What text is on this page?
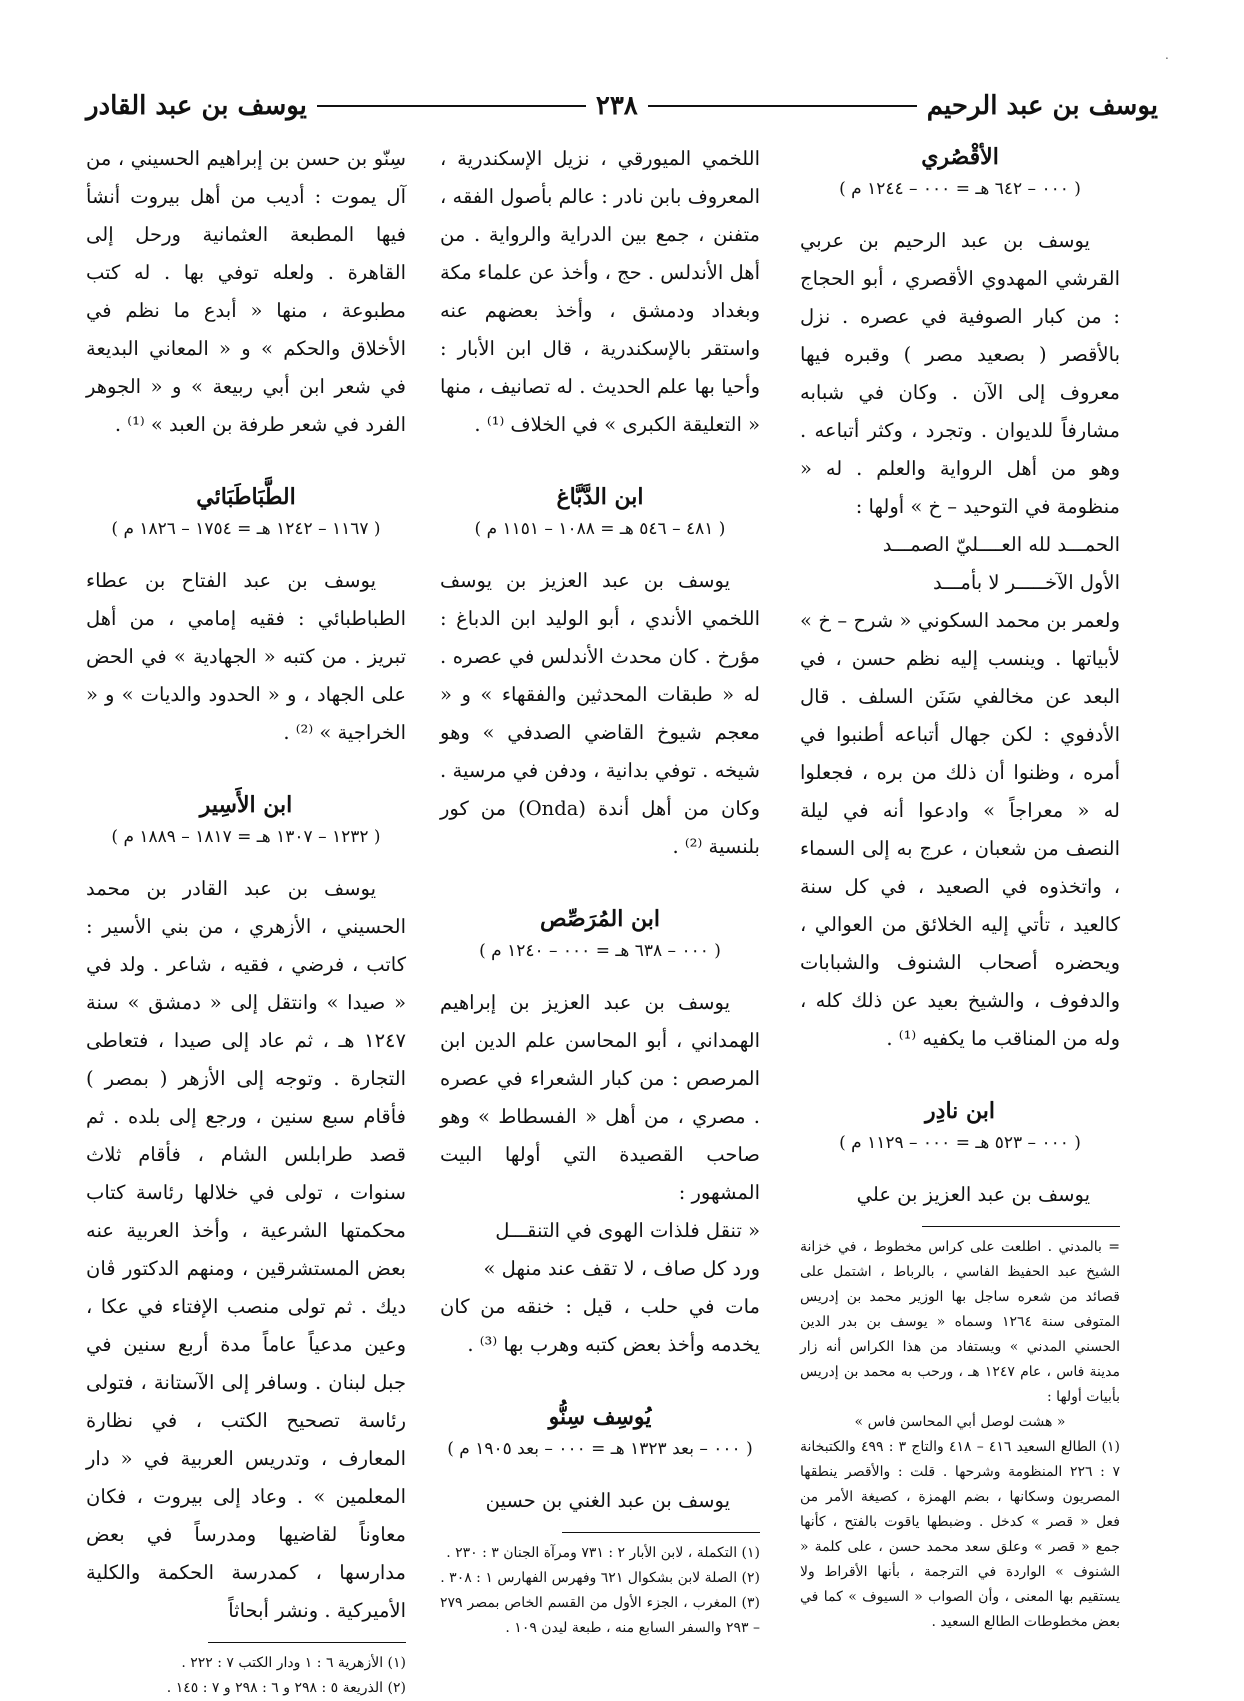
.
يوسف بن عبد الرحيم
٢٣٨
يوسف بن عبد القادر

الأقْصُري

( ٠٠٠ – ٦٤٢ هـ = ٠٠٠ – ١٢٤٤ م )

يوسف بن عبد الرحيم بن عربي القرشي المهدوي الأقصري ، أبو الحجاج : من كبار الصوفية في عصره . نزل بالأقصر ( بصعيد مصر ) وقبره فيها معروف إلى الآن . وكان في شبابه مشارفاً للديوان . وتجرد ، وكثر أتباعه . وهو من أهل الرواية والعلم . له « منظومة في التوحيد – خ » أولها :

الحمـــد لله العــــليّ الصمـــد

الأول الآخـــــر لا بأمـــد

ولعمر بن محمد السكوني « شرح – خ » لأبياتها . وينسب إليه نظم حسن ، في البعد عن مخالفي سَنَن السلف . قال الأدفوي : لكن جهال أتباعه أطنبوا في أمره ، وظنوا أن ذلك من بره ، فجعلوا له « معراجاً » وادعوا أنه في ليلة النصف من شعبان ، عرج به إلى السماء ، واتخذوه في الصعيد ، في كل سنة كالعيد ، تأتي إليه الخلائق من العوالي ، ويحضره أصحاب الشنوف والشبابات والدفوف ، والشيخ بعيد عن ذلك كله ، وله من المناقب ما يكفيه ⁽¹⁾ .

ابن نادِر

( ٠٠٠ – ٥٢٣ هـ = ٠٠٠ – ١١٢٩ م )

يوسف بن عبد العزيز بن علي

= بالمدني . اطلعت على كراس مخطوط ، في خزانة الشيخ عبد الحفيظ الفاسي ، بالرباط ، اشتمل على قصائد من شعره ساجل بها الوزير محمد بن إدريس المتوفى سنة ١٢٦٤ وسماه « يوسف بن بدر الدين الحسني المدني » ويستفاد من هذا الكراس أنه زار مدينة فاس ، عام ١٢٤٧ هـ ، ورحب به محمد بن إدريس بأبيات أولها :

« هشت لوصل أبي المحاسن فاس »

(١) الطالع السعيد ٤١٦ – ٤١٨ والتاج ٣ : ٤٩٩ والكتبخانة ٧ : ٢٢٦ المنظومة وشرحها . قلت : والأقصر ينطقها المصريون وسكانها ، بضم الهمزة ، كصيغة الأمر من فعل « قصر » كدخل . وضبطها ياقوت بالفتح ، كأنها جمع « قصر » وعلق سعد محمد حسن ، على كلمة « الشنوف » الواردة في الترجمة ، بأنها الأقراط ولا يستقيم بها المعنى ، وأن الصواب « السيوف » كما في بعض مخطوطات الطالع السعيد .

اللخمي الميورقي ، نزيل الإسكندرية ، المعروف بابن نادر : عالم بأصول الفقه ، متفنن ، جمع بين الدراية والرواية . من أهل الأندلس . حج ، وأخذ عن علماء مكة وبغداد ودمشق ، وأخذ بعضهم عنه واستقر بالإسكندرية ، قال ابن الأبار : وأحيا بها علم الحديث . له تصانيف ، منها « التعليقة الكبرى » في الخلاف ⁽¹⁾ .

ابن الدَّبَّاغ

( ٤٨١ – ٥٤٦ هـ = ١٠٨٨ – ١١٥١ م )

يوسف بن عبد العزيز بن يوسف اللخمي الأندي ، أبو الوليد ابن الدباغ : مؤرخ . كان محدث الأندلس في عصره . له « طبقات المحدثين والفقهاء » و « معجم شيوخ القاضي الصدفي » وهو شيخه . توفي بدانية ، ودفن في مرسية . وكان من أهل أندة (Onda) من كور بلنسية ⁽²⁾ .

ابن المُرَصِّص

( ٠٠٠ – ٦٣٨ هـ = ٠٠٠ – ١٢٤٠ م )

يوسف بن عبد العزيز بن إبراهيم الهمداني ، أبو المحاسن علم الدين ابن المرصص : من كبار الشعراء في عصره . مصري ، من أهل « الفسطاط » وهو صاحب القصيدة التي أولها البيت المشهور :

« تنقل فلذات الهوى في التنقـــل

ورد كل صاف ، لا تقف عند منهل »

مات في حلب ، قيل : خنقه من كان يخدمه وأخذ بعض كتبه وهرب بها ⁽³⁾ .

يُوسِف سِنُّو

( ٠٠٠ – بعد ١٣٢٣ هـ = ٠٠٠ – بعد ١٩٠٥ م )

يوسف بن عبد الغني بن حسين

(١) التكملة ، لابن الأبار ٢ : ٧٣١ ومرآة الجنان ٣ : ٢٣٠ .

(٢) الصلة لابن بشكوال ٦٢١ وفهرس الفهارس ١ : ٣٠٨ .

(٣) المغرب ، الجزء الأول من القسم الخاص بمصر ٢٧٩ – ٢٩٣ والسفر السابع منه ، طبعة ليدن ١٠٩ .

سِنّو بن حسن بن إبراهيم الحسيني ، من آل يموت : أديب من أهل بيروت أنشأ فيها المطبعة العثمانية ورحل إلى القاهرة . ولعله توفي بها . له كتب مطبوعة ، منها « أبدع ما نظم في الأخلاق والحكم » و « المعاني البديعة في شعر ابن أبي ربيعة » و « الجوهر الفرد في شعر طرفة بن العبد » ⁽¹⁾ .

الطَّبَاطَبَائي

( ١١٦٧ – ١٢٤٢ هـ = ١٧٥٤ – ١٨٢٦ م )

يوسف بن عبد الفتاح بن عطاء الطباطبائي : فقيه إمامي ، من أهل تبريز . من كتبه « الجهادية » في الحض على الجهاد ، و « الحدود والديات » و « الخراجية » ⁽²⁾ .

ابن الأَسِير

( ١٢٣٢ – ١٣٠٧ هـ = ١٨١٧ – ١٨٨٩ م )

يوسف بن عبد القادر بن محمد الحسيني ، الأزهري ، من بني الأسير : كاتب ، فرضي ، فقيه ، شاعر . ولد في « صيدا » وانتقل إلى « دمشق » سنة ١٢٤٧ هـ ، ثم عاد إلى صيدا ، فتعاطى التجارة . وتوجه إلى الأزهر ( بمصر ) فأقام سبع سنين ، ورجع إلى بلده . ثم قصد طرابلس الشام ، فأقام ثلاث سنوات ، تولى في خلالها رئاسة كتاب محكمتها الشرعية ، وأخذ العربية عنه بعض المستشرقين ، ومنهم الدكتور ڤان ديك . ثم تولى منصب الإفتاء في عكا ، وعين مدعياً عاماً مدة أربع سنين في جبل لبنان . وسافر إلى الآستانة ، فتولى رئاسة تصحيح الكتب ، في نظارة المعارف ، وتدريس العربية في « دار المعلمين » . وعاد إلى بيروت ، فكان معاوناً لقاضيها ومدرساً في بعض مدارسها ، كمدرسة الحكمة والكلية الأميركية . ونشر أبحاثاً

(١) الأزهرية ٦ : ١ ودار الكتب ٧ : ٢٢٢ .

(٢) الذريعة ٥ : ٢٩٨ و ٦ : ٢٩٨ و ٧ : ١٤٥ .
